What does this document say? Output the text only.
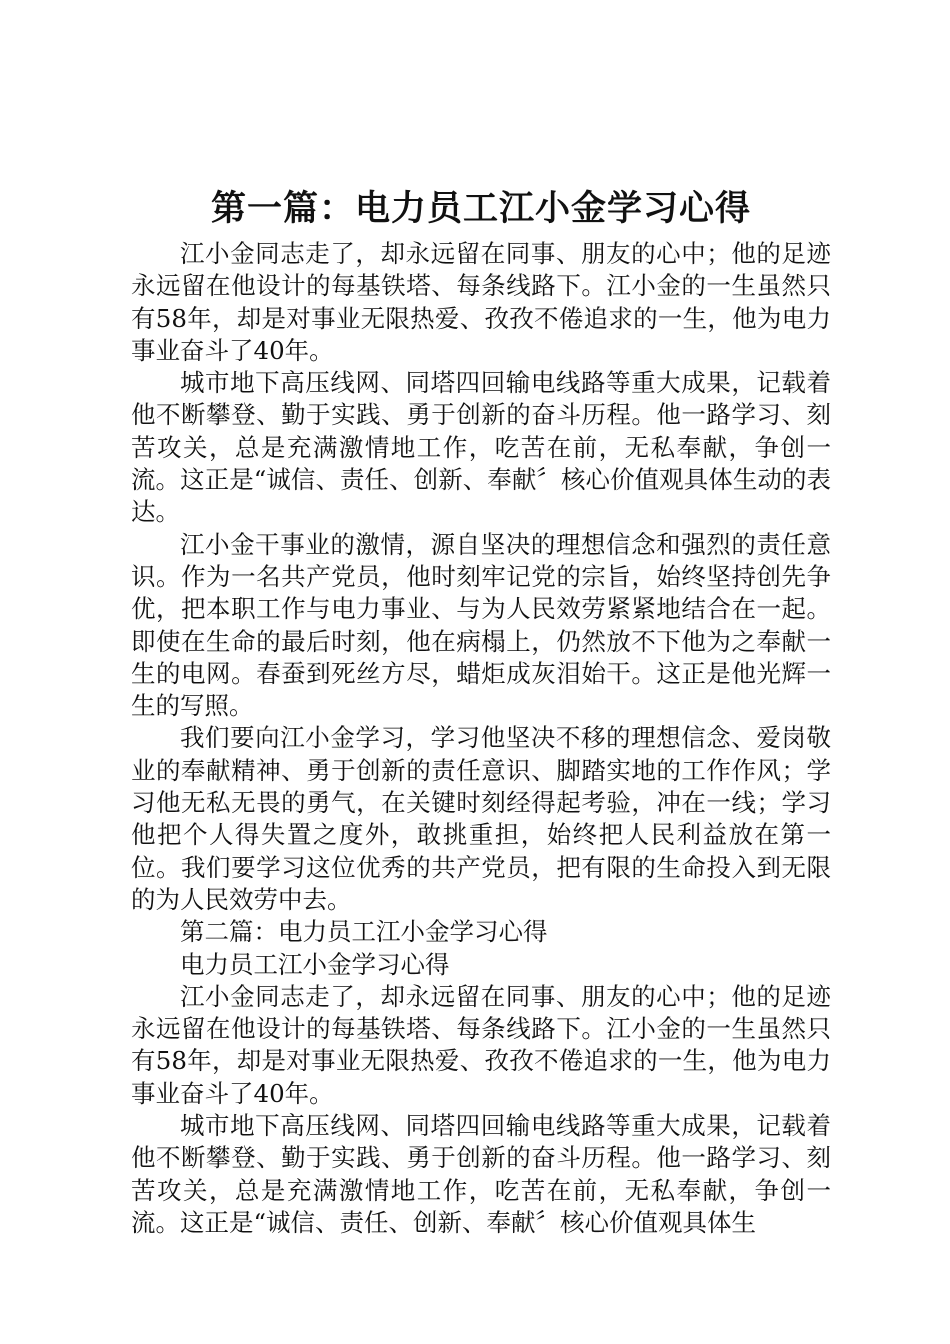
第一篇：电力员工江小金学习心得

江小金同志走了，却永远留在同事、朋友的心中；他的足迹永远留在他设计的每基铁塔、每条线路下。江小金的一生虽然只有58年，却是对事业无限热爱、孜孜不倦追求的一生，他为电力事业奋斗了40年。

城市地下高压线网、同塔四回输电线路等重大成果，记载着他不断攀登、勤于实践、勇于创新的奋斗历程。他一路学习、刻苦攻关，总是充满激情地工作，吃苦在前，无私奉献，争创一流。这正是“诚信、责任、创新、奉献〞核心价值观具体生动的表达。

江小金干事业的激情，源自坚决的理想信念和强烈的责任意识。作为一名共产党员，他时刻牢记党的宗旨，始终坚持创先争优，把本职工作与电力事业、与为人民效劳紧紧地结合在一起。即使在生命的最后时刻，他在病榻上，仍然放不下他为之奉献一生的电网。春蚕到死丝方尽，蜡炬成灰泪始干。这正是他光辉一生的写照。

我们要向江小金学习，学习他坚决不移的理想信念、爱岗敬业的奉献精神、勇于创新的责任意识、脚踏实地的工作作风；学习他无私无畏的勇气，在关键时刻经得起考验，冲在一线；学习他把个人得失置之度外，敢挑重担，始终把人民利益放在第一位。我们要学习这位优秀的共产党员，把有限的生命投入到无限的为人民效劳中去。

第二篇：电力员工江小金学习心得

电力员工江小金学习心得

江小金同志走了，却永远留在同事、朋友的心中；他的足迹永远留在他设计的每基铁塔、每条线路下。江小金的一生虽然只有58年，却是对事业无限热爱、孜孜不倦追求的一生，他为电力事业奋斗了40年。

城市地下高压线网、同塔四回输电线路等重大成果，记载着他不断攀登、勤于实践、勇于创新的奋斗历程。他一路学习、刻苦攻关，总是充满激情地工作，吃苦在前，无私奉献，争创一流。这正是“诚信、责任、创新、奉献〞核心价值观具体生
